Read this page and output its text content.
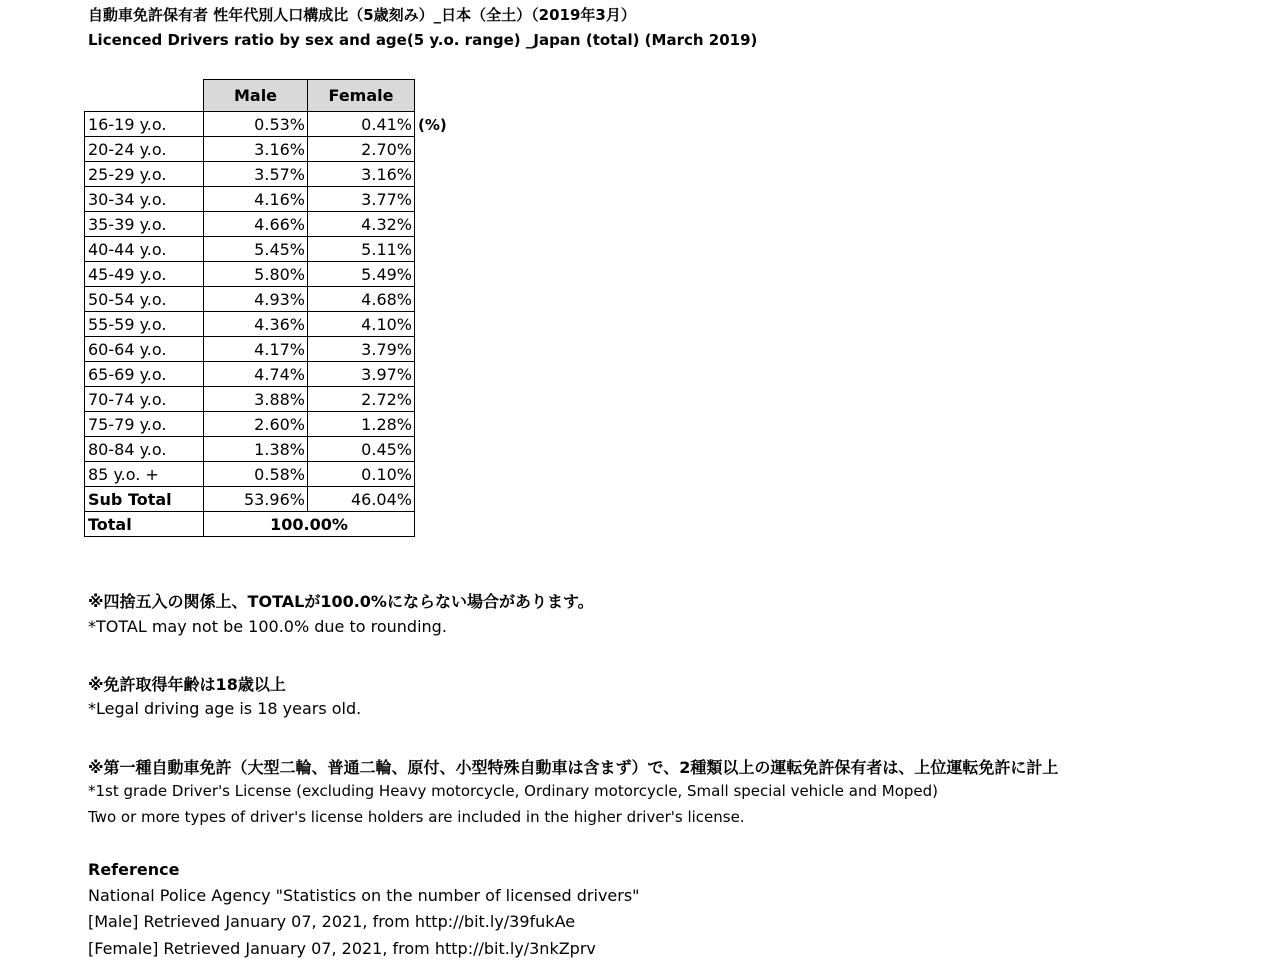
自動車免許保有者 性年代別人口構成比（5歳刻み）_日本（全土）（2019年3月）
Licenced Drivers ratio by sex and age(5 y.o. range) _Japan (total) (March 2019)
	Male	Female
16-19 y.o.	0.53%	0.41%
20-24 y.o.	3.16%	2.70%
25-29 y.o.	3.57%	3.16%
30-34 y.o.	4.16%	3.77%
35-39 y.o.	4.66%	4.32%
40-44 y.o.	5.45%	5.11%
45-49 y.o.	5.80%	5.49%
50-54 y.o.	4.93%	4.68%
55-59 y.o.	4.36%	4.10%
60-64 y.o.	4.17%	3.79%
65-69 y.o.	4.74%	3.97%
70-74 y.o.	3.88%	2.72%
75-79 y.o.	2.60%	1.28%
80-84 y.o.	1.38%	0.45%
85 y.o. +	0.58%	0.10%
Sub Total	53.96%	46.04%
Total	100.00%	
(%)
※四捨五入の関係上、TOTALが100.0%にならない場合があります。
*TOTAL may not be 100.0% due to rounding.
※免許取得年齢は18歳以上
*Legal driving age is 18 years old.
※第一種自動車免許（大型二輪、普通二輪、原付、小型特殊自動車は含まず）で、2種類以上の運転免許保有者は、上位運転免許に計上
*1st grade Driver's License (excluding Heavy motorcycle, Ordinary motorcycle, Small special vehicle and Moped)
Two or more types of driver's license holders are included in the higher driver's license.
Reference
National Police Agency "Statistics on the number of licensed drivers"
[Male] Retrieved January 07, 2021, from http://bit.ly/39fukAe
[Female] Retrieved January 07, 2021, from http://bit.ly/3nkZprv
